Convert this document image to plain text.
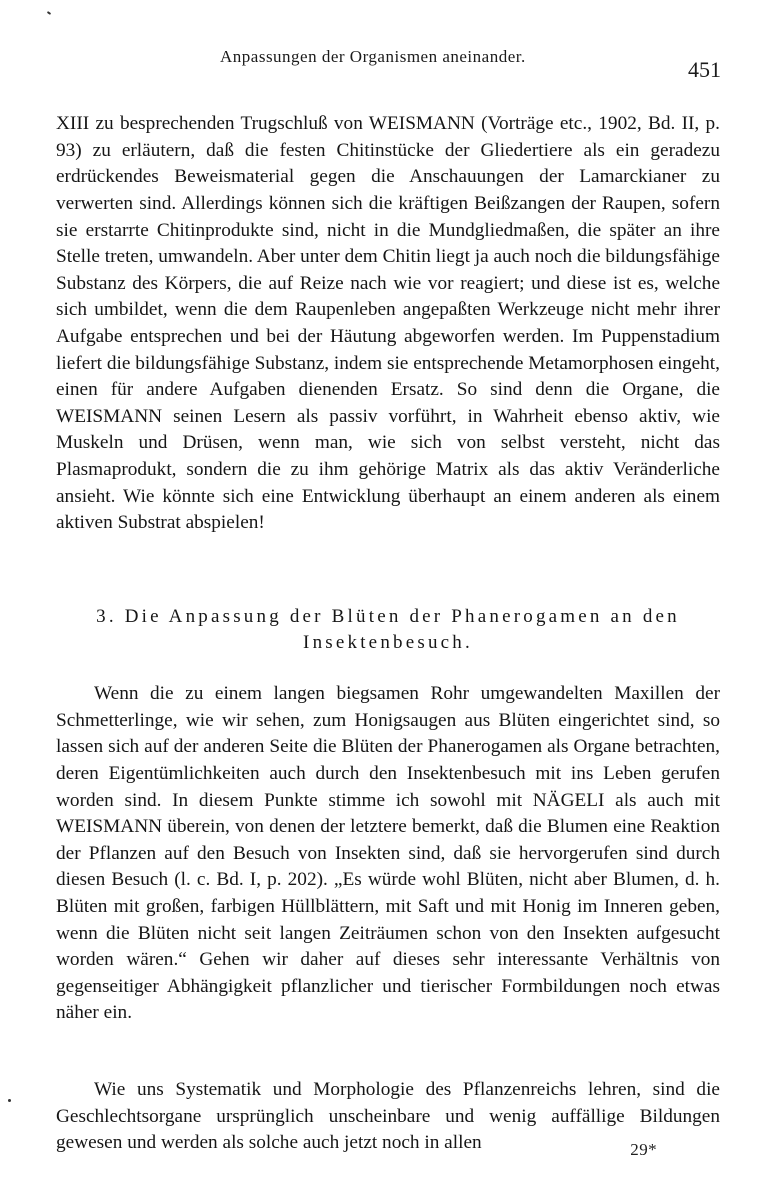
Anpassungen der Organismen aneinander.
451

XIII zu besprechenden Trugschluß von WEISMANN (Vorträge etc., 1902, Bd. II, p. 93) zu erläutern, daß die festen Chitinstücke der Gliedertiere als ein geradezu erdrückendes Beweismaterial gegen die Anschauungen der Lamarckianer zu verwerten sind. Allerdings können sich die kräftigen Beißzangen der Raupen, sofern sie erstarrte Chitinprodukte sind, nicht in die Mundgliedmaßen, die später an ihre Stelle treten, umwandeln. Aber unter dem Chitin liegt ja auch noch die bildungsfähige Substanz des Körpers, die auf Reize nach wie vor reagiert; und diese ist es, welche sich umbildet, wenn die dem Raupenleben angepaßten Werkzeuge nicht mehr ihrer Aufgabe entsprechen und bei der Häutung abgeworfen werden. Im Puppenstadium liefert die bildungsfähige Substanz, indem sie entsprechende Metamorphosen eingeht, einen für andere Aufgaben dienenden Ersatz. So sind denn die Organe, die WEISMANN seinen Lesern als passiv vorführt, in Wahrheit ebenso aktiv, wie Muskeln und Drüsen, wenn man, wie sich von selbst versteht, nicht das Plasmaprodukt, sondern die zu ihm gehörige Matrix als das aktiv Veränderliche ansieht. Wie könnte sich eine Entwicklung überhaupt an einem anderen als einem aktiven Substrat abspielen!

3. Die Anpassung der Blüten der Phanerogamen an den
Insektenbesuch.

Wenn die zu einem langen biegsamen Rohr umgewandelten Maxillen der Schmetterlinge, wie wir sehen, zum Honigsaugen aus Blüten eingerichtet sind, so lassen sich auf der anderen Seite die Blüten der Phanerogamen als Organe betrachten, deren Eigentümlichkeiten auch durch den Insektenbesuch mit ins Leben gerufen worden sind. In diesem Punkte stimme ich sowohl mit NÄGELI als auch mit WEISMANN überein, von denen der letztere bemerkt, daß die Blumen eine Reaktion der Pflanzen auf den Besuch von Insekten sind, daß sie hervorgerufen sind durch diesen Besuch (l. c. Bd. I, p. 202). „Es würde wohl Blüten, nicht aber Blumen, d. h. Blüten mit großen, farbigen Hüllblättern, mit Saft und mit Honig im Inneren geben, wenn die Blüten nicht seit langen Zeiträumen schon von den Insekten aufgesucht worden wären.“ Gehen wir daher auf dieses sehr interessante Verhältnis von gegenseitiger Abhängigkeit pflanzlicher und tierischer Formbildungen noch etwas näher ein.

Wie uns Systematik und Morphologie des Pflanzenreichs lehren, sind die Geschlechtsorgane ursprünglich unscheinbare und wenig auffällige Bildungen gewesen und werden als solche auch jetzt noch in allen	29*
